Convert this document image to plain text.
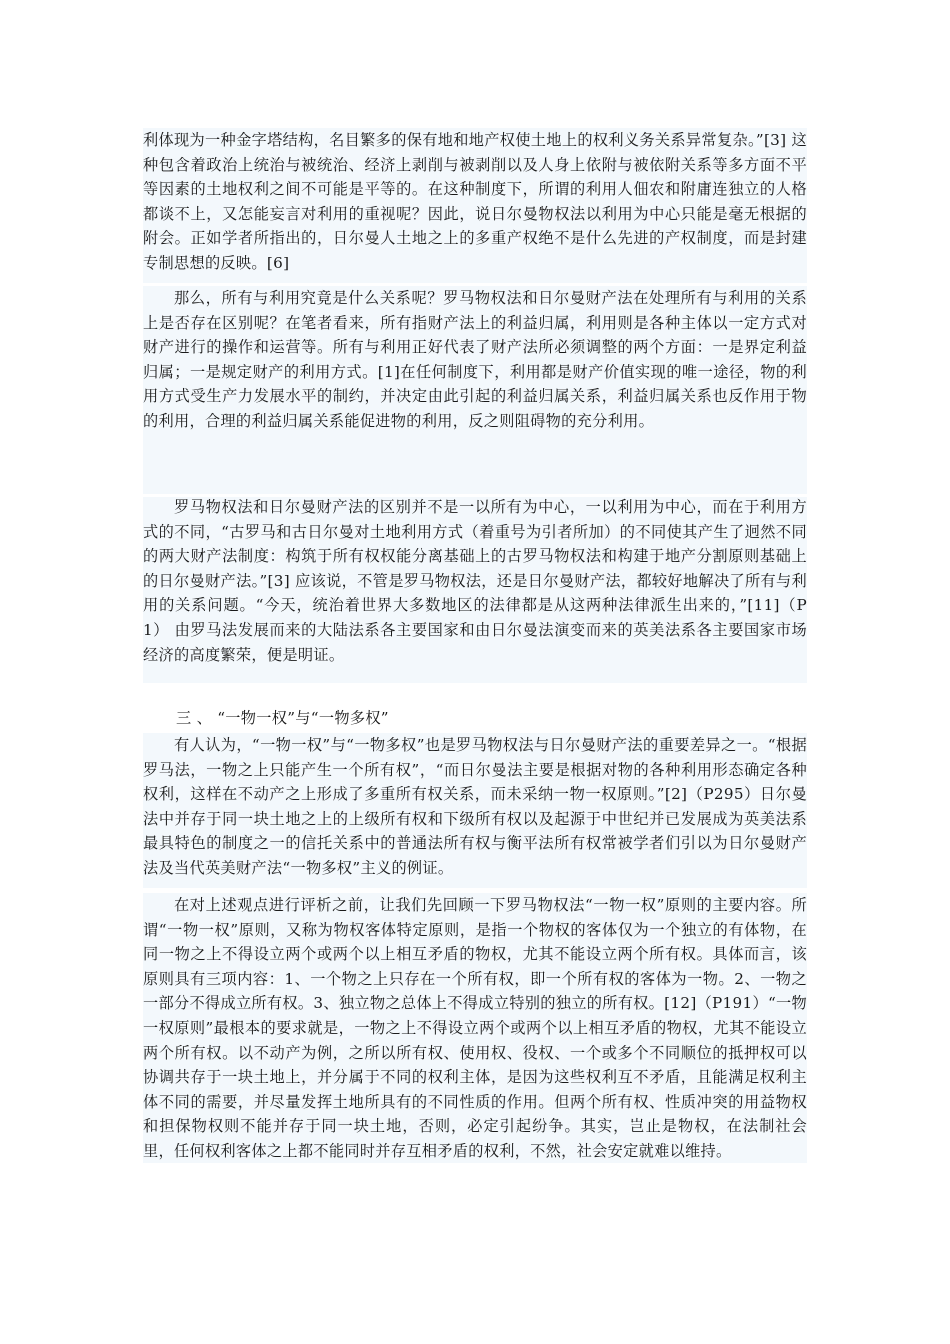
利体现为一种金字塔结构，名目繁多的保有地和地产权使土地上的权利义务关系异常复杂。”[3] 这种包含着政治上统治与被统治、经济上剥削与被剥削以及人身上依附与被依附关系等多方面不平等因素的土地权利之间不可能是平等的。在这种制度下，所谓的利用人佃农和附庸连独立的人格都谈不上，又怎能妄言对利用的重视呢？因此，说日尔曼物权法以利用为中心只能是毫无根据的附会。正如学者所指出的，日尔曼人土地之上的多重产权绝不是什么先进的产权制度，而是封建专制思想的反映。[6]

那么，所有与利用究竟是什么关系呢？罗马物权法和日尔曼财产法在处理所有与利用的关系上是否存在区别呢？在笔者看来，所有指财产法上的利益归属，利用则是各种主体以一定方式对财产进行的操作和运营等。所有与利用正好代表了财产法所必须调整的两个方面：一是界定利益归属；一是规定财产的利用方式。[1]在任何制度下，利用都是财产价值实现的唯一途径，物的利用方式受生产力发展水平的制约，并决定由此引起的利益归属关系，利益归属关系也反作用于物的利用，合理的利益归属关系能促进物的利用，反之则阻碍物的充分利用。

罗马物权法和日尔曼财产法的区别并不是一以所有为中心，一以利用为中心，而在于利用方式的不同，“古罗马和古日尔曼对土地利用方式（着重号为引者所加）的不同使其产生了迥然不同的两大财产法制度：构筑于所有权权能分离基础上的古罗马物权法和构建于地产分割原则基础上的日尔曼财产法。”[3] 应该说，不管是罗马物权法，还是日尔曼财产法，都较好地解决了所有与利用的关系问题。“今天，统治着世界大多数地区的法律都是从这两种法律派生出来的，”[11]（P1） 由罗马法发展而来的大陆法系各主要国家和由日尔曼法演变而来的英美法系各主要国家市场经济的高度繁荣，便是明证。

三 、 “一物一权”与“一物多权”

有人认为，“一物一权”与“一物多权”也是罗马物权法与日尔曼财产法的重要差异之一。“根据罗马法，一物之上只能产生一个所有权”，“而日尔曼法主要是根据对物的各种利用形态确定各种权利，这样在不动产之上形成了多重所有权关系，而未采纳一物一权原则。”[2]（P295）日尔曼法中并存于同一块土地之上的上级所有权和下级所有权以及起源于中世纪并已发展成为英美法系最具特色的制度之一的信托关系中的普通法所有权与衡平法所有权常被学者们引以为日尔曼财产法及当代英美财产法“一物多权”主义的例证。

在对上述观点进行评析之前，让我们先回顾一下罗马物权法“一物一权”原则的主要内容。所谓“一物一权”原则，又称为物权客体特定原则，是指一个物权的客体仅为一个独立的有体物，在同一物之上不得设立两个或两个以上相互矛盾的物权，尤其不能设立两个所有权。具体而言，该原则具有三项内容：1、一个物之上只存在一个所有权，即一个所有权的客体为一物。2、一物之一部分不得成立所有权。3、独立物之总体上不得成立特别的独立的所有权。[12]（P191）“一物一权原则”最根本的要求就是，一物之上不得设立两个或两个以上相互矛盾的物权，尤其不能设立两个所有权。以不动产为例，之所以所有权、使用权、役权、一个或多个不同顺位的抵押权可以协调共存于一块土地上，并分属于不同的权利主体，是因为这些权利互不矛盾，且能满足权利主体不同的需要，并尽量发挥土地所具有的不同性质的作用。但两个所有权、性质冲突的用益物权和担保物权则不能并存于同一块土地，否则，必定引起纷争。其实，岂止是物权，在法制社会里，任何权利客体之上都不能同时并存互相矛盾的权利，不然，社会安定就难以维持。
